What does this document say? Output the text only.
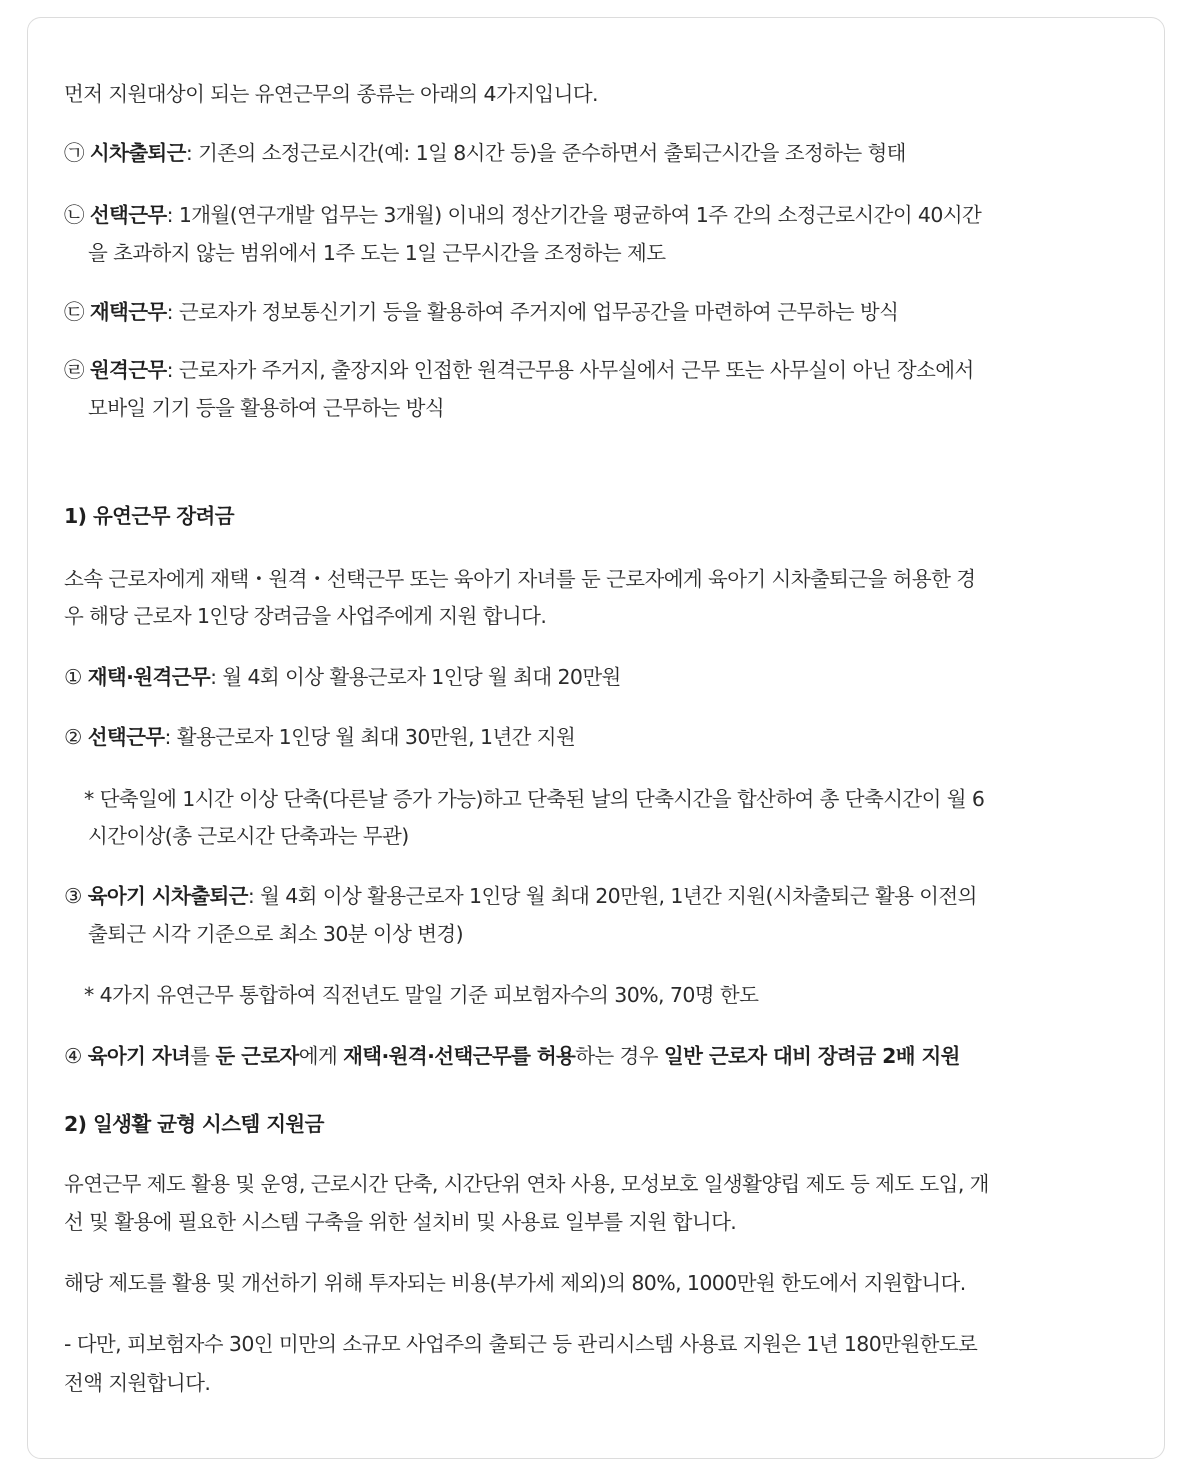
먼저 지원대상이 되는 유연근무의 종류는 아래의 4가지입니다.

㉠ 시차출퇴근: 기존의 소정근로시간(예: 1일 8시간 등)을 준수하면서 출퇴근시간을 조정하는 형태

㉡ 선택근무: 1개월(연구개발 업무는 3개월) 이내의 정산기간을 평균하여 1주 간의 소정근로시간이 40시간

을 초과하지 않는 범위에서 1주 도는 1일 근무시간을 조정하는 제도

㉢ 재택근무: 근로자가 정보통신기기 등을 활용하여 주거지에 업무공간을 마련하여 근무하는 방식

㉣ 원격근무: 근로자가 주거지, 출장지와 인접한 원격근무용 사무실에서 근무 또는 사무실이 아닌 장소에서

모바일 기기 등을 활용하여 근무하는 방식

1) 유연근무 장려금

소속 근로자에게 재택・원격・선택근무 또는 육아기 자녀를 둔 근로자에게 육아기 시차출퇴근을 허용한 경

우 해당 근로자 1인당 장려금을 사업주에게 지원 합니다.

① 재택·원격근무: 월 4회 이상 활용근로자 1인당 월 최대 20만원

② 선택근무: 활용근로자 1인당 월 최대 30만원, 1년간 지원

* 단축일에 1시간 이상 단축(다른날 증가 가능)하고 단축된 날의 단축시간을 합산하여 총 단축시간이 월 6

시간이상(총 근로시간 단축과는 무관)

③ 육아기 시차출퇴근: 월 4회 이상 활용근로자 1인당 월 최대 20만원, 1년간 지원(시차출퇴근 활용 이전의

출퇴근 시각 기준으로 최소 30분 이상 변경)

* 4가지 유연근무 통합하여 직전년도 말일 기준 피보험자수의 30%, 70명 한도

④ 육아기 자녀를 둔 근로자에게 재택·원격·선택근무를 허용하는 경우 일반 근로자 대비 장려금 2배 지원

2) 일생활 균형 시스템 지원금

유연근무 제도 활용 및 운영, 근로시간 단축, 시간단위 연차 사용, 모성보호 일생활양립 제도 등 제도 도입, 개

선 및 활용에 필요한 시스템 구축을 위한 설치비 및 사용료 일부를 지원 합니다.

해당 제도를 활용 및 개선하기 위해 투자되는 비용(부가세 제외)의 80%, 1000만원 한도에서 지원합니다.

- 다만, 피보험자수 30인 미만의 소규모 사업주의 출퇴근 등 관리시스템 사용료 지원은 1년 180만원한도로

전액 지원합니다.
